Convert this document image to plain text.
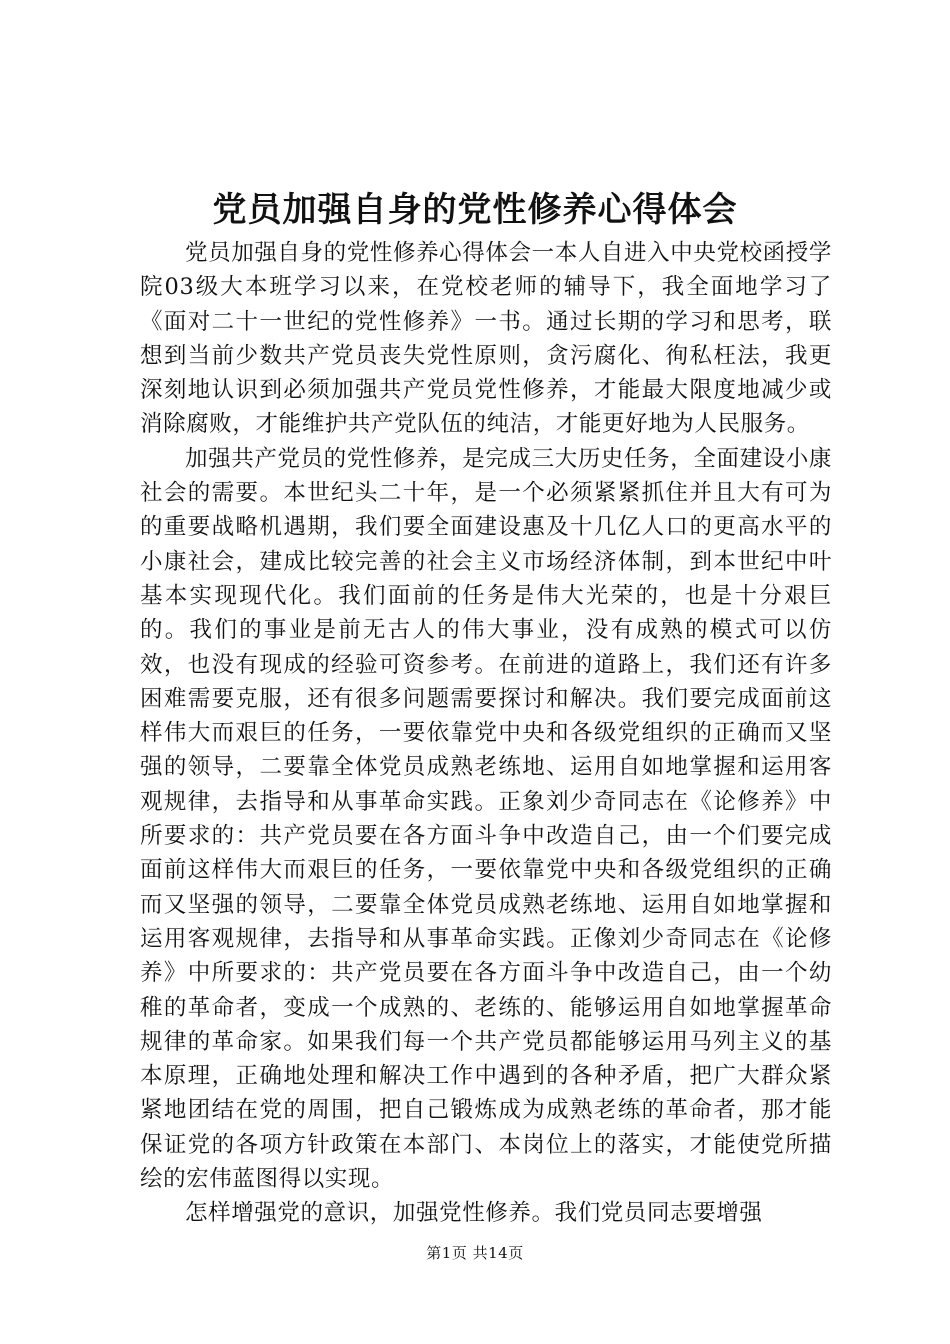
党员加强自身的党性修养心得体会

党员加强自身的党性修养心得体会一本人自进入中央党校函授学院03级大本班学习以来，在党校老师的辅导下，我全面地学习了《面对二十一世纪的党性修养》一书。通过长期的学习和思考，联想到当前少数共产党员丧失党性原则，贪污腐化、徇私枉法，我更深刻地认识到必须加强共产党员党性修养，才能最大限度地减少或消除腐败，才能维护共产党队伍的纯洁，才能更好地为人民服务。

加强共产党员的党性修养，是完成三大历史任务，全面建设小康社会的需要。本世纪头二十年，是一个必须紧紧抓住并且大有可为的重要战略机遇期，我们要全面建设惠及十几亿人口的更高水平的小康社会，建成比较完善的社会主义市场经济体制，到本世纪中叶基本实现现代化。我们面前的任务是伟大光荣的，也是十分艰巨的。我们的事业是前无古人的伟大事业，没有成熟的模式可以仿效，也没有现成的经验可资参考。在前进的道路上，我们还有许多困难需要克服，还有很多问题需要探讨和解决。我们要完成面前这样伟大而艰巨的任务，一要依靠党中央和各级党组织的正确而又坚强的领导，二要靠全体党员成熟老练地、运用自如地掌握和运用客观规律，去指导和从事革命实践。正象刘少奇同志在《论修养》中所要求的：共产党员要在各方面斗争中改造自己，由一个们要完成面前这样伟大而艰巨的任务，一要依靠党中央和各级党组织的正确而又坚强的领导，二要靠全体党员成熟老练地、运用自如地掌握和运用客观规律，去指导和从事革命实践。正像刘少奇同志在《论修养》中所要求的：共产党员要在各方面斗争中改造自己，由一个幼稚的革命者，变成一个成熟的、老练的、能够运用自如地掌握革命规律的革命家。如果我们每一个共产党员都能够运用马列主义的基本原理，正确地处理和解决工作中遇到的各种矛盾，把广大群众紧紧地团结在党的周围，把自己锻炼成为成熟老练的革命者，那才能保证党的各项方针政策在本部门、本岗位上的落实，才能使党所描绘的宏伟蓝图得以实现。

怎样增强党的意识，加强党性修养。我们党员同志要增强

第1页 共14页
